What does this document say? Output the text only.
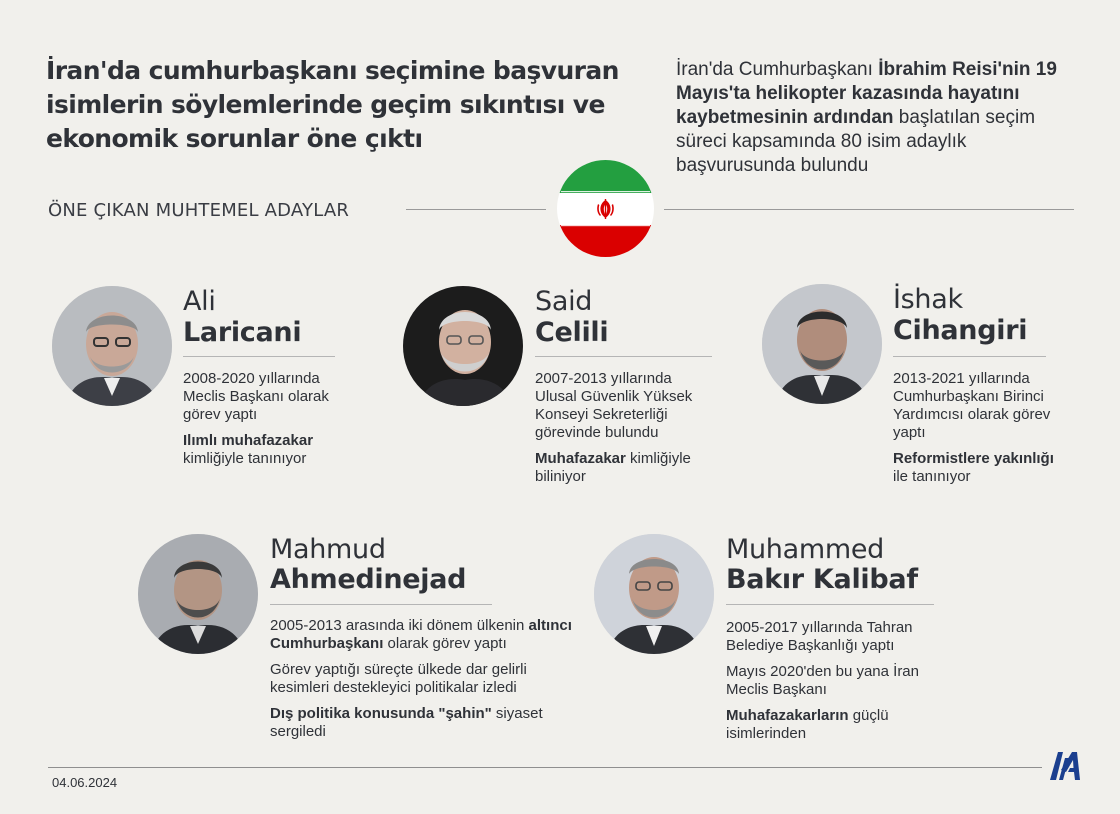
İran'da cumhurbaşkanı seçimine başvuran isimlerin söylemlerinde geçim sıkıntısı ve ekonomik sorunlar öne çıktı
İran'da Cumhurbaşkanı İbrahim Reisi'nin 19 Mayıs'ta helikopter kazasında hayatını kaybetmesinin ardından başlatılan seçim süreci kapsamında 80 isim adaylık başvurusunda bulundu
ÖNE ÇIKAN MUHTEMEL ADAYLAR
Ali
Laricani
2008-2020 yıllarında Meclis Başkanı olarak görev yaptı
Ilımlı muhafazakar kimliğiyle tanınıyor
Said
Celili
2007-2013 yıllarında Ulusal Güvenlik Yüksek Konseyi Sekreterliği görevinde bulundu
Muhafazakar kimliğiyle biliniyor
İshak
Cihangiri
2013-2021 yıllarında Cumhurbaşkanı Birinci Yardımcısı olarak görev yaptı
Reformistlere yakınlığı ile tanınıyor
Mahmud
Ahmedinejad
2005-2013 arasında iki dönem ülkenin altıncı Cumhurbaşkanı olarak görev yaptı
Görev yaptığı süreçte ülkede dar gelirli kesimleri destekleyici politikalar izledi
Dış politika konusunda "şahin" siyaset sergiledi
Muhammed
Bakır Kalibaf
2005-2017 yıllarında Tahran Belediye Başkanlığı yaptı
Mayıs 2020'den bu yana İran Meclis Başkanı
Muhafazakarların güçlü isimlerinden
04.06.2024
